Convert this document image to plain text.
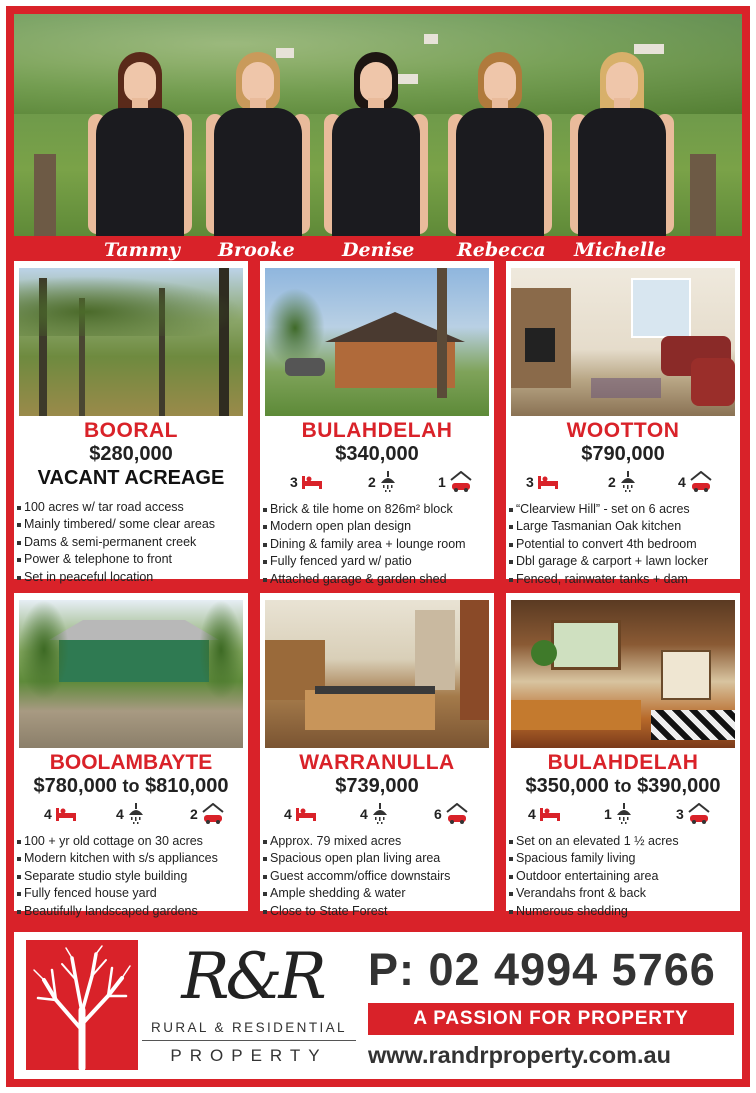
Tammy Brooke Denise Rebecca Michelle
BOORAL
$280,000
VACANT ACREAGE
100 acres w/ tar road access
Mainly timbered/ some clear areas
Dams & semi-permanent creek
Power & telephone to front
Set in peaceful location
BULAHDELAH
$340,000
3	2	1
Brick & tile home on 826m² block
Modern open plan design
Dining & family area + lounge room
Fully fenced yard w/ patio
Attached garage & garden shed
WOOTTON
$790,000
3	2	4
“Clearview Hill” - set on 6 acres
Large Tasmanian Oak kitchen
Potential to convert 4th bedroom
Dbl garage & carport + lawn locker
Fenced, rainwater tanks + dam
BOOLAMBAYTE
$780,000 to $810,000
4	4	2
100 + yr old cottage on 30 acres
Modern kitchen with s/s appliances
Separate studio style building
Fully fenced house yard
Beautifully landscaped gardens
WARRANULLA
$739,000
4	4	6
Approx. 79 mixed acres
Spacious open plan living area
Guest accomm/office downstairs
Ample shedding & water
Close to State Forest
BULAHDELAH
$350,000 to $390,000
4	1	3
Set on an elevated 1 ½ acres
Spacious family living
Outdoor entertaining area
Verandahs front & back
Numerous shedding
R&R
RURAL & RESIDENTIAL
PROPERTY
P: 02 4994 5766
A PASSION FOR PROPERTY
www.randrproperty.com.au
